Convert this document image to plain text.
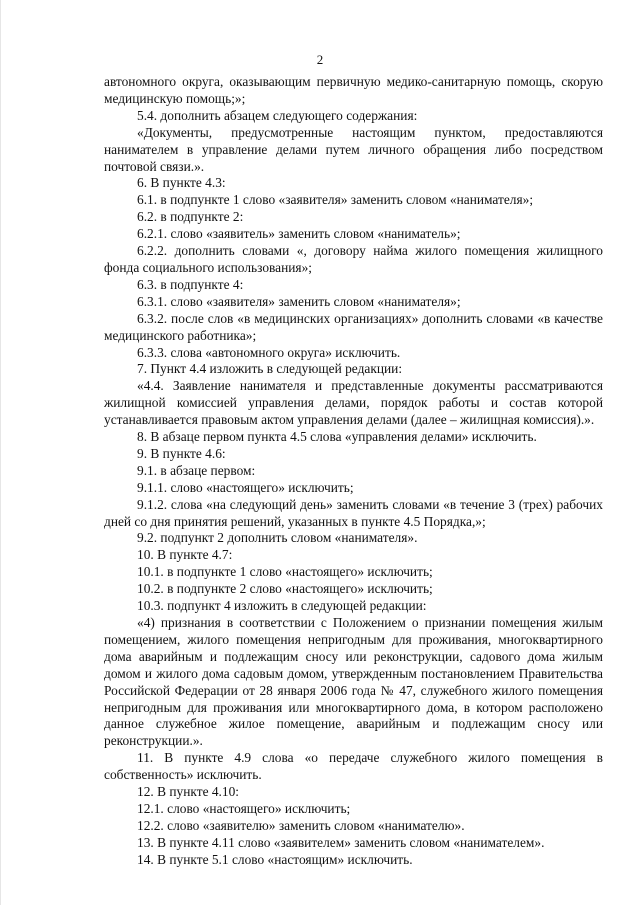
2

автономного округа, оказывающим первичную медико-санитарную помощь, скорую медицинскую помощь;»;

5.4. дополнить абзацем следующего содержания:

«Документы, предусмотренные настоящим пунктом, предоставляются нанимателем в управление делами путем личного обращения либо посредством почтовой связи.».

6. В пункте 4.3:

6.1. в подпункте 1 слово «заявителя» заменить словом «нанимателя»;

6.2. в подпункте 2:

6.2.1. слово «заявитель» заменить словом «наниматель»;

6.2.2. дополнить словами «, договору найма жилого помещения жилищного фонда социального использования»;

6.3. в подпункте 4:

6.3.1. слово «заявителя» заменить словом «нанимателя»;

6.3.2. после слов «в медицинских организациях» дополнить словами «в качестве медицинского работника»;

6.3.3. слова «автономного округа» исключить.

7. Пункт 4.4 изложить в следующей редакции:

«4.4. Заявление нанимателя и представленные документы рассматриваются жилищной комиссией управления делами, порядок работы и состав которой устанавливается правовым актом управления делами (далее – жилищная комиссия).».

8. В абзаце первом пункта 4.5 слова «управления делами» исключить.

9. В пункте 4.6:

9.1. в абзаце первом:

9.1.1. слово «настоящего» исключить;

9.1.2. слова «на следующий день» заменить словами «в течение 3 (трех) рабочих дней со дня принятия решений, указанных в пункте 4.5 Порядка,»;

9.2. подпункт 2 дополнить словом «нанимателя».

10. В пункте 4.7:

10.1. в подпункте 1 слово «настоящего» исключить;

10.2. в подпункте 2 слово «настоящего» исключить;

10.3. подпункт 4 изложить в следующей редакции:

«4) признания в соответствии с Положением о признании помещения жилым помещением, жилого помещения непригодным для проживания, многоквартирного дома аварийным и подлежащим сносу или реконструкции, садового дома жилым домом и жилого дома садовым домом, утвержденным постановлением Правительства Российской Федерации от 28 января 2006 года № 47, служебного жилого помещения непригодным для проживания или многоквартирного дома, в котором расположено данное служебное жилое помещение, аварийным и подлежащим сносу или реконструкции.».

11. В пункте 4.9 слова «о передаче служебного жилого помещения в собственность» исключить.

12. В пункте 4.10:

12.1. слово «настоящего» исключить;

12.2. слово «заявителю» заменить словом «нанимателю».

13. В пункте 4.11 слово «заявителем» заменить словом «нанимателем».

14. В пункте 5.1 слово «настоящим» исключить.
